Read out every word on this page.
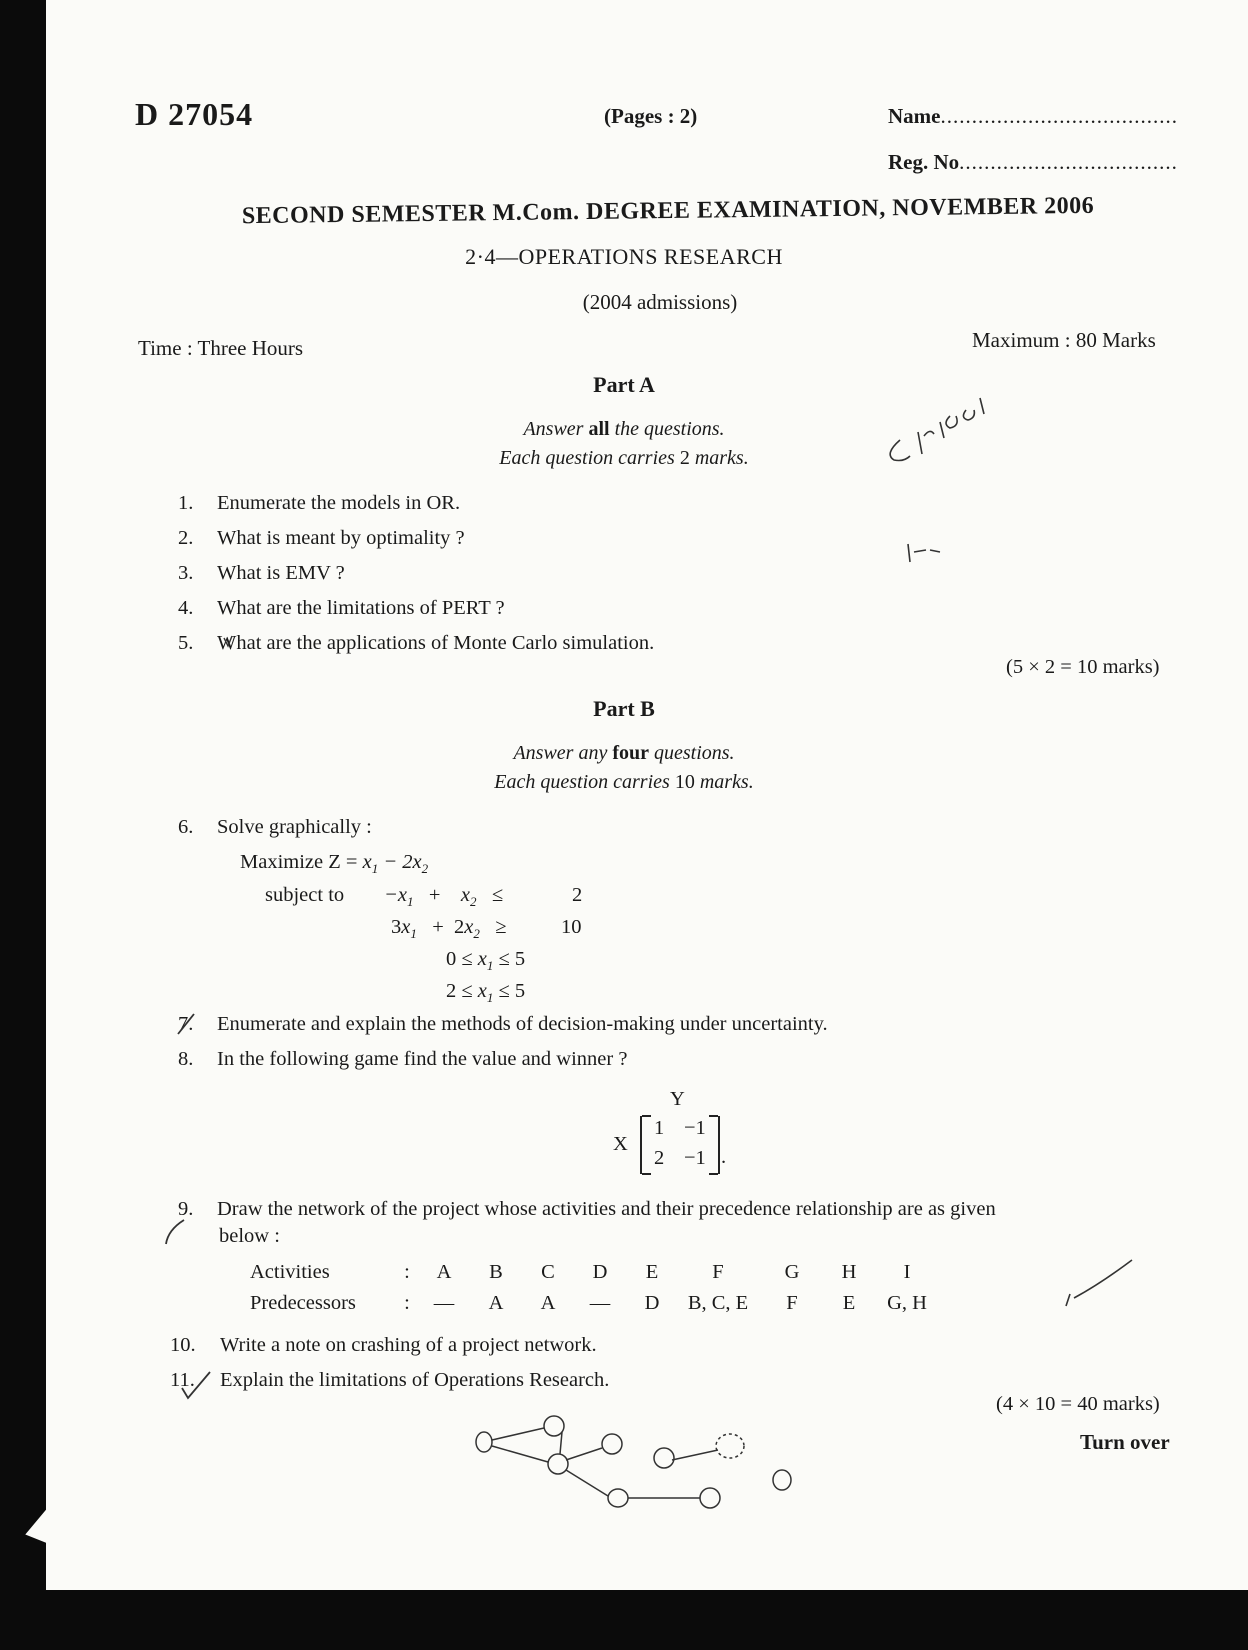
D 27054	(Pages : 2)	Name......................................
Reg. No...................................
SECOND SEMESTER M.Com. DEGREE EXAMINATION, NOVEMBER 2006
2·4—OPERATIONS RESEARCH
(2004 admissions)
Time : Three Hours	Maximum : 80 Marks
Part A
Answer all the questions.
Each question carries 2 marks.
1. Enumerate the models in OR.
2. What is meant by optimality ?
3. What is EMV ?
4. What are the limitations of PERT ?
5. What are the applications of Monte Carlo simulation.
(5 × 2 = 10 marks)
Part B
Answer any four questions.
Each question carries 10 marks.
6. Solve graphically :
Maximize $Z = x_1 - 2x_2$
subject to $-x_1$ +    $x_2$ ≤	2
$3x_1 + 2x_2$ ≥	10
$0 \le x_1 \le 5$
$2 \le x_1 \le 5$
7. Enumerate and explain the methods of decision-making under uncertainty.
8. In the following game find the value and winner ?
Y
X
1 −1
2 −1 .
9. Draw the network of the project whose activities and their precedence relationship are as given
below :
Activities	:	A	B	C	D	E	F	G	H	I
Predecessors	:	—	A	A	—	D	B, C, E	F	E	G, H
10. Write a note on crashing of a project network.
11. Explain the limitations of Operations Research.
(4 × 10 = 40 marks)
Turn over
